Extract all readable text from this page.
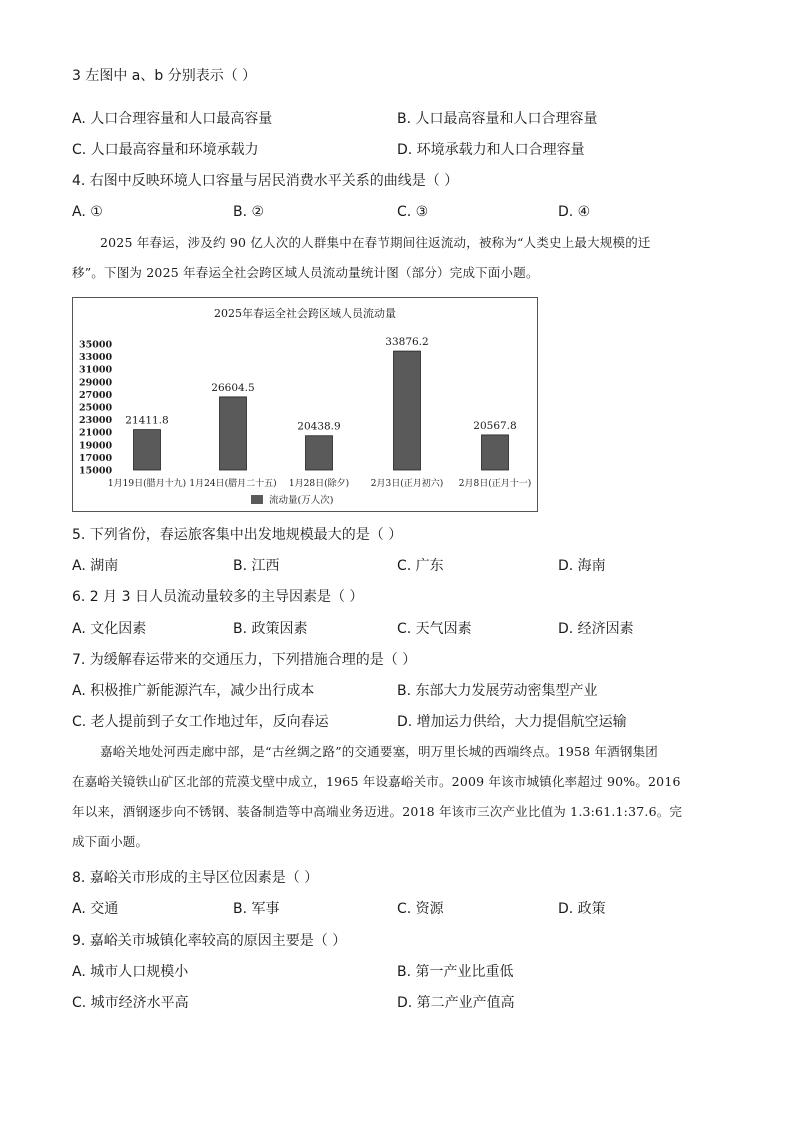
3 左图中 a、b 分别表示（ ）
A. 人口合理容量和人口最高容量	B. 人口最高容量和人口合理容量
C. 人口最高容量和环境承载力	D. 环境承载力和人口合理容量
4. 右图中反映环境人口容量与居民消费水平关系的曲线是（ ）
A. ①	B. ②	C. ③	D. ④
2025 年春运，涉及约 90 亿人次的人群集中在春节期间往返流动，被称为“人类史上最大规模的迁
移”。下图为 2025 年春运全社会跨区域人员流动量统计图（部分）完成下面小题。
2025年春运全社会跨区域人员流动量
35000
33000
31000
29000
27000
25000
23000
21000
19000
17000
15000
21411.8
26604.5
20438.9
33876.2
20567.8
1月19日(腊月十九) 1月24日(腊月二十五) 1月28日(除夕) 2月3日(正月初六) 2月8日(正月十一)
流动量(万人次)
5. 下列省份，春运旅客集中出发地规模最大的是（ ）
A. 湖南	B. 江西	C. 广东	D. 海南
6. 2 月 3 日人员流动量较多的主导因素是（ ）
A. 文化因素	B. 政策因素	C. 天气因素	D. 经济因素
7. 为缓解春运带来的交通压力，下列措施合理的是（ ）
A. 积极推广新能源汽车，减少出行成本	B. 东部大力发展劳动密集型产业
C. 老人提前到子女工作地过年，反向春运	D. 增加运力供给，大力提倡航空运输
嘉峪关地处河西走廊中部，是“古丝绸之路”的交通要塞，明万里长城的西端终点。1958 年酒钢集团
在嘉峪关镜铁山矿区北部的荒漠戈壁中成立，1965 年设嘉峪关市。2009 年该市城镇化率超过 90%。2016
年以来，酒钢逐步向不锈钢、装备制造等中高端业务迈进。2018 年该市三次产业比值为 1.3:61.1:37.6。完
成下面小题。
8. 嘉峪关市形成的主导区位因素是（ ）
A. 交通	B. 军事	C. 资源	D. 政策
9. 嘉峪关市城镇化率较高的原因主要是（ ）
A. 城市人口规模小	B. 第一产业比重低
C. 城市经济水平高	D. 第二产业产值高
